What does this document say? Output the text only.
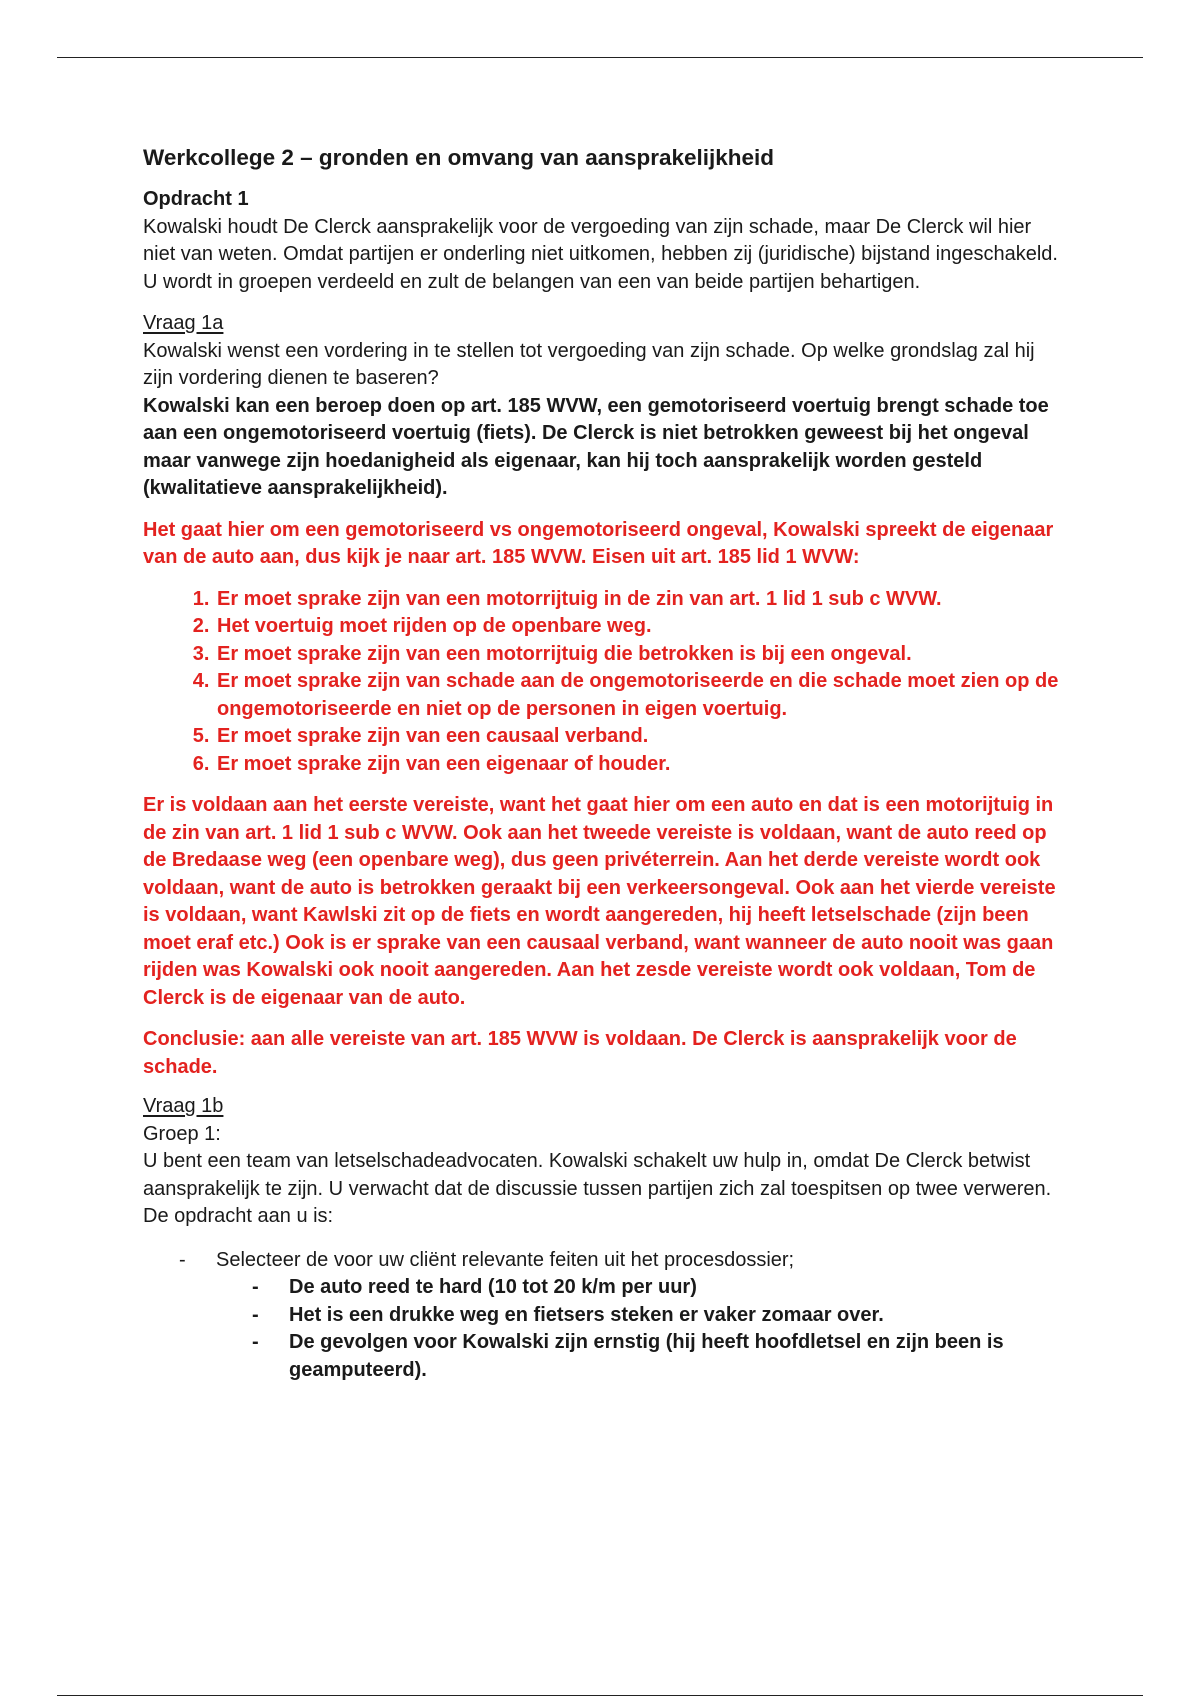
Werkcollege 2 – gronden en omvang van aansprakelijkheid

Opdracht 1

Kowalski houdt De Clerck aansprakelijk voor de vergoeding van zijn schade, maar De Clerck wil hier niet van weten. Omdat partijen er onderling niet uitkomen, hebben zij (juridische) bijstand ingeschakeld. U wordt in groepen verdeeld en zult de belangen van een van beide partijen behartigen.

Vraag 1a

Kowalski wenst een vordering in te stellen tot vergoeding van zijn schade. Op welke grondslag zal hij zijn vordering dienen te baseren?

Kowalski kan een beroep doen op art. 185 WVW, een gemotoriseerd voertuig brengt schade toe aan een ongemotoriseerd voertuig (fiets). De Clerck is niet betrokken geweest bij het ongeval maar vanwege zijn hoedanigheid als eigenaar, kan hij toch aansprakelijk worden gesteld (kwalitatieve aansprakelijkheid).

Het gaat hier om een gemotoriseerd vs ongemotoriseerd ongeval, Kowalski spreekt de eigenaar van de auto aan, dus kijk je naar art. 185 WVW. Eisen uit art. 185 lid 1 WVW:

1. Er moet sprake zijn van een motorrijtuig in de zin van art. 1 lid 1 sub c WVW.
2. Het voertuig moet rijden op de openbare weg.
3. Er moet sprake zijn van een motorrijtuig die betrokken is bij een ongeval.
4. Er moet sprake zijn van schade aan de ongemotoriseerde en die schade moet zien op de ongemotoriseerde en niet op de personen in eigen voertuig.
5. Er moet sprake zijn van een causaal verband.
6. Er moet sprake zijn van een eigenaar of houder.

Er is voldaan aan het eerste vereiste, want het gaat hier om een auto en dat is een motorijtuig in de zin van art. 1 lid 1 sub c WVW. Ook aan het tweede vereiste is voldaan, want de auto reed op de Bredaase weg (een openbare weg), dus geen privéterrein. Aan het derde vereiste wordt ook voldaan, want de auto is betrokken geraakt bij een verkeersongeval. Ook aan het vierde vereiste is voldaan, want Kawlski zit op de fiets en wordt aangereden, hij heeft letselschade (zijn been moet eraf etc.) Ook is er sprake van een causaal verband, want wanneer de auto nooit was gaan rijden was Kowalski ook nooit aangereden. Aan het zesde vereiste wordt ook voldaan, Tom de Clerck is de eigenaar van de auto.

Conclusie: aan alle vereiste van art. 185 WVW is voldaan. De Clerck is aansprakelijk voor de schade.

Vraag 1b

Groep 1:

U bent een team van letselschadeadvocaten. Kowalski schakelt uw hulp in, omdat De Clerck betwist aansprakelijk te zijn. U verwacht dat de discussie tussen partijen zich zal toespitsen op twee verweren. De opdracht aan u is:

- Selecteer de voor uw cliënt relevante feiten uit het procesdossier;
- De auto reed te hard (10 tot 20 k/m per uur)
- Het is een drukke weg en fietsers steken er vaker zomaar over.
- De gevolgen voor Kowalski zijn ernstig (hij heeft hoofdletsel en zijn been is geamputeerd).
